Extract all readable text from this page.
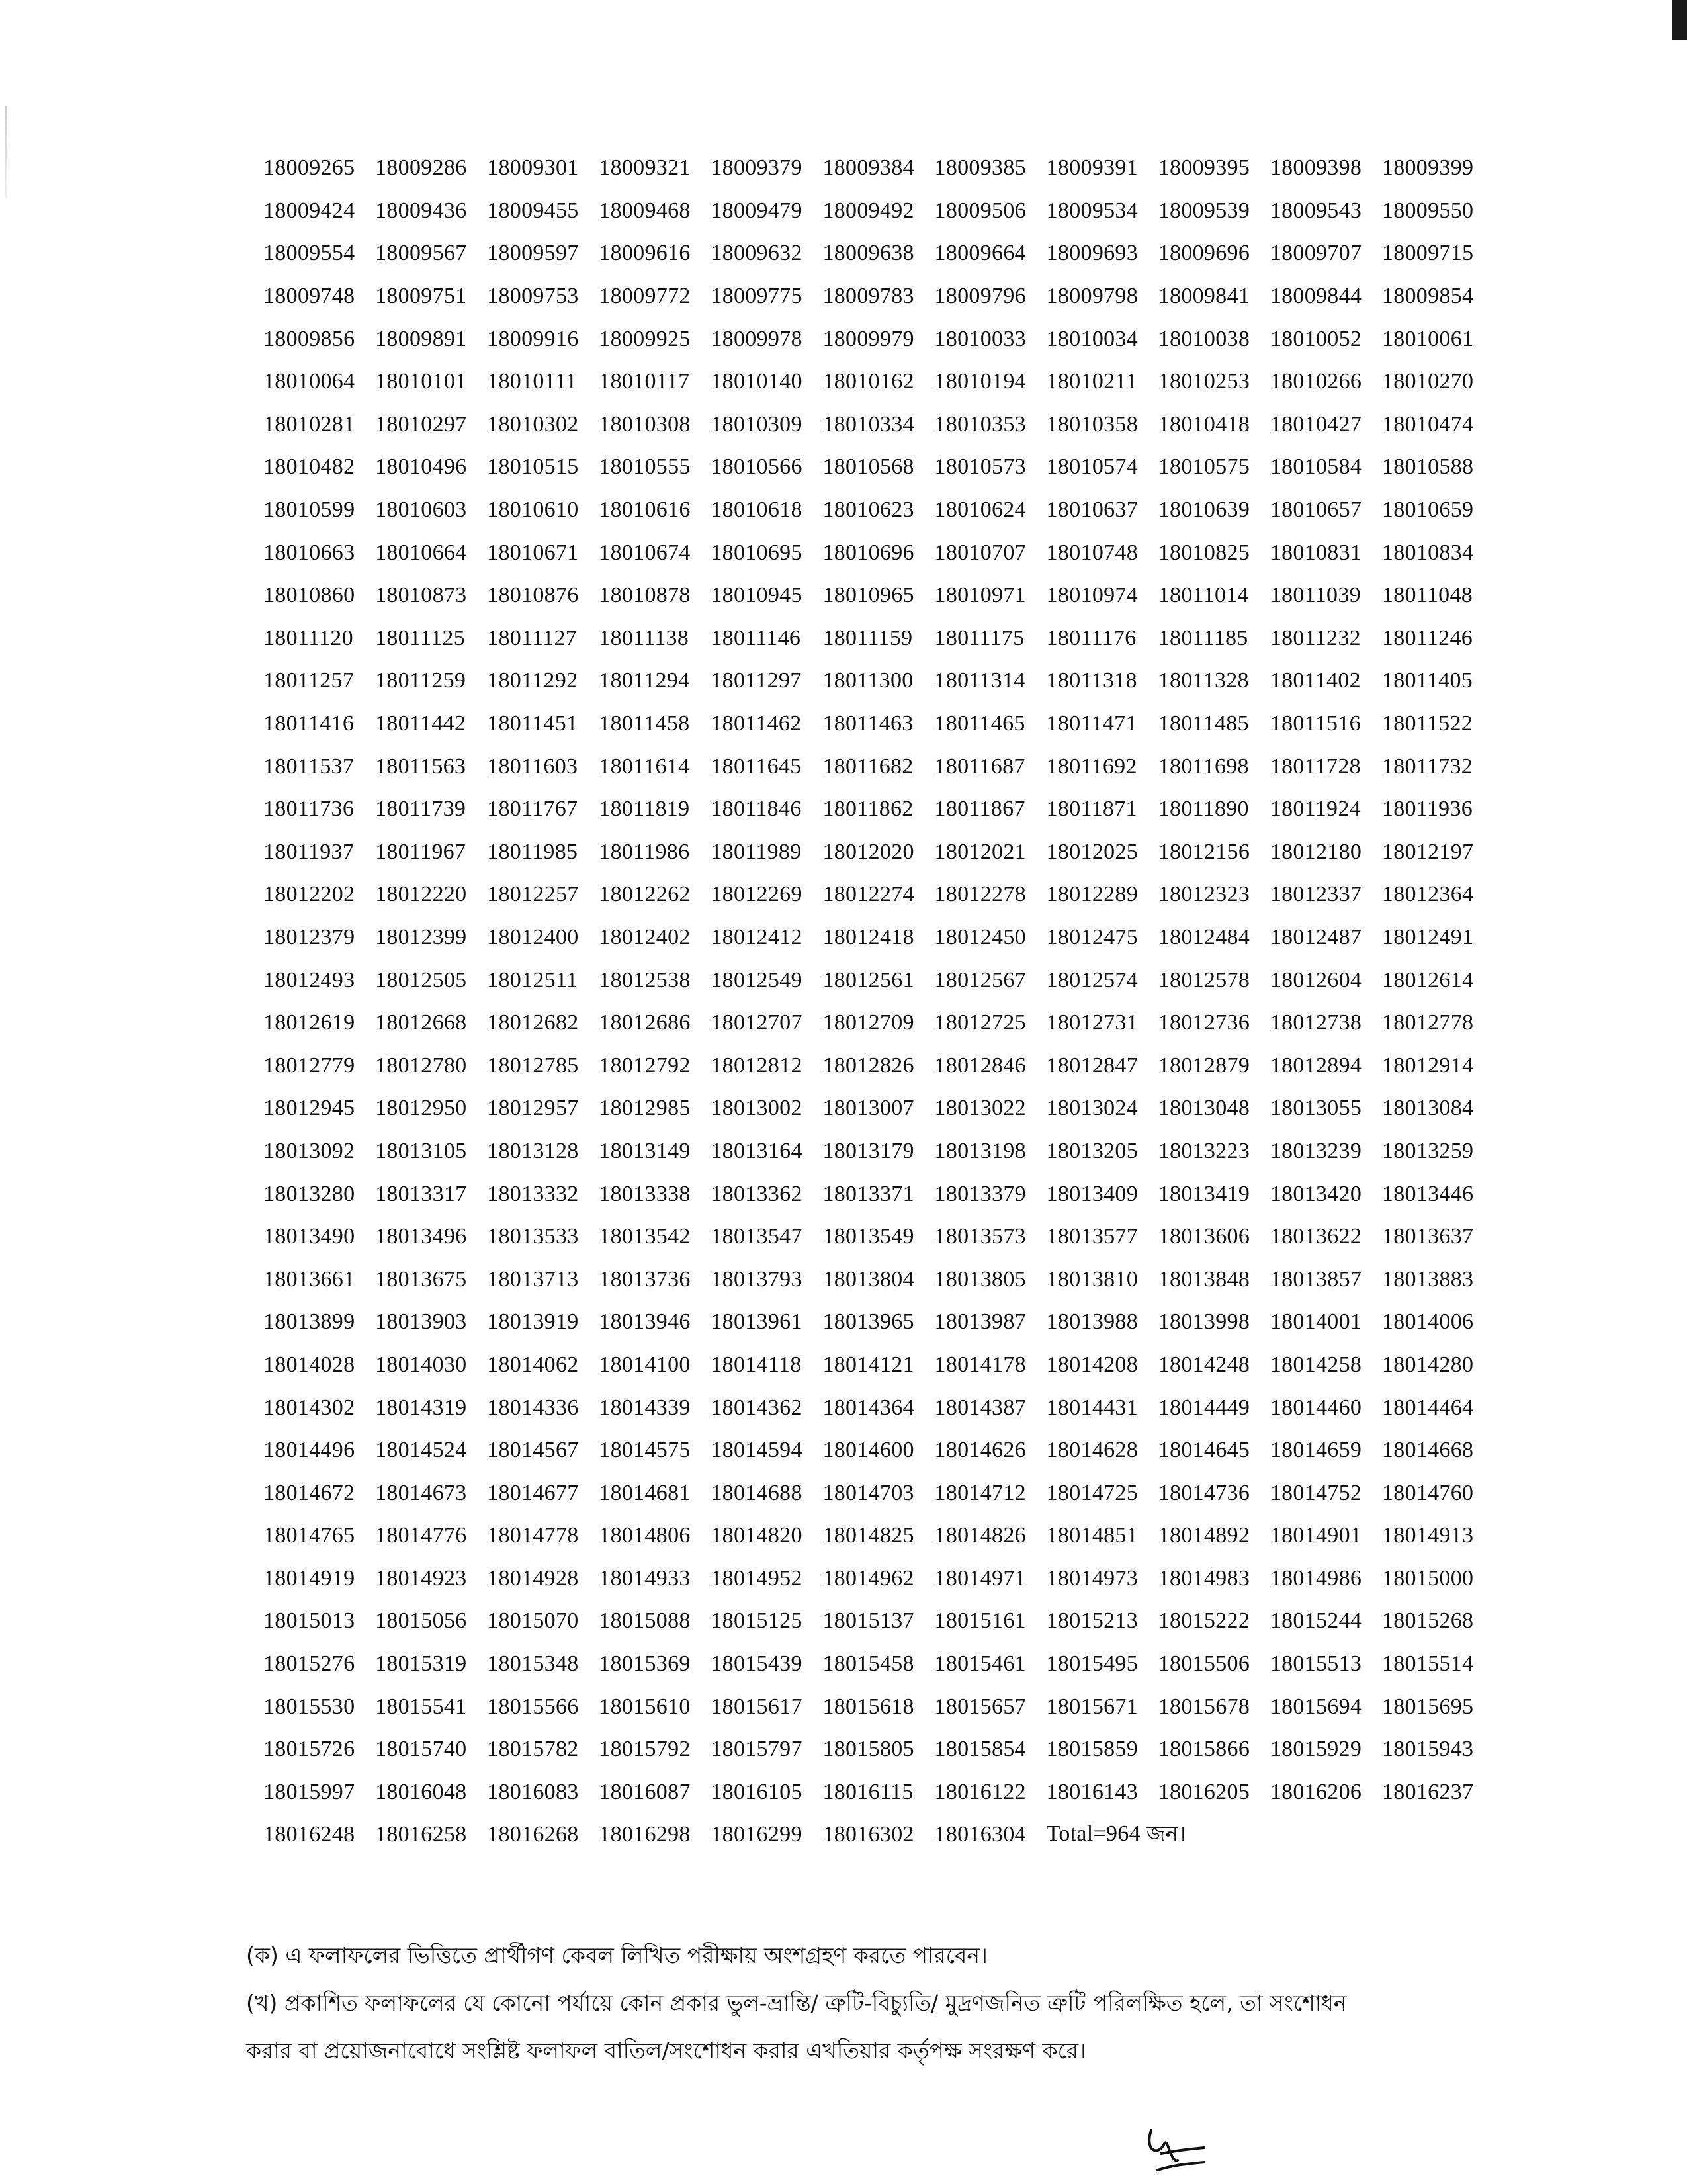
18009265 18009286 18009301 18009321 18009379 18009384 18009385 18009391 18009395 18009398 18009399
18009424 18009436 18009455 18009468 18009479 18009492 18009506 18009534 18009539 18009543 18009550
18009554 18009567 18009597 18009616 18009632 18009638 18009664 18009693 18009696 18009707 18009715
18009748 18009751 18009753 18009772 18009775 18009783 18009796 18009798 18009841 18009844 18009854
18009856 18009891 18009916 18009925 18009978 18009979 18010033 18010034 18010038 18010052 18010061
18010064 18010101 18010111 18010117 18010140 18010162 18010194 18010211 18010253 18010266 18010270
18010281 18010297 18010302 18010308 18010309 18010334 18010353 18010358 18010418 18010427 18010474
18010482 18010496 18010515 18010555 18010566 18010568 18010573 18010574 18010575 18010584 18010588
18010599 18010603 18010610 18010616 18010618 18010623 18010624 18010637 18010639 18010657 18010659
18010663 18010664 18010671 18010674 18010695 18010696 18010707 18010748 18010825 18010831 18010834
18010860 18010873 18010876 18010878 18010945 18010965 18010971 18010974 18011014 18011039 18011048
18011120 18011125 18011127 18011138 18011146 18011159 18011175 18011176 18011185 18011232 18011246
18011257 18011259 18011292 18011294 18011297 18011300 18011314 18011318 18011328 18011402 18011405
18011416 18011442 18011451 18011458 18011462 18011463 18011465 18011471 18011485 18011516 18011522
18011537 18011563 18011603 18011614 18011645 18011682 18011687 18011692 18011698 18011728 18011732
18011736 18011739 18011767 18011819 18011846 18011862 18011867 18011871 18011890 18011924 18011936
18011937 18011967 18011985 18011986 18011989 18012020 18012021 18012025 18012156 18012180 18012197
18012202 18012220 18012257 18012262 18012269 18012274 18012278 18012289 18012323 18012337 18012364
18012379 18012399 18012400 18012402 18012412 18012418 18012450 18012475 18012484 18012487 18012491
18012493 18012505 18012511 18012538 18012549 18012561 18012567 18012574 18012578 18012604 18012614
18012619 18012668 18012682 18012686 18012707 18012709 18012725 18012731 18012736 18012738 18012778
18012779 18012780 18012785 18012792 18012812 18012826 18012846 18012847 18012879 18012894 18012914
18012945 18012950 18012957 18012985 18013002 18013007 18013022 18013024 18013048 18013055 18013084
18013092 18013105 18013128 18013149 18013164 18013179 18013198 18013205 18013223 18013239 18013259
18013280 18013317 18013332 18013338 18013362 18013371 18013379 18013409 18013419 18013420 18013446
18013490 18013496 18013533 18013542 18013547 18013549 18013573 18013577 18013606 18013622 18013637
18013661 18013675 18013713 18013736 18013793 18013804 18013805 18013810 18013848 18013857 18013883
18013899 18013903 18013919 18013946 18013961 18013965 18013987 18013988 18013998 18014001 18014006
18014028 18014030 18014062 18014100 18014118 18014121 18014178 18014208 18014248 18014258 18014280
18014302 18014319 18014336 18014339 18014362 18014364 18014387 18014431 18014449 18014460 18014464
18014496 18014524 18014567 18014575 18014594 18014600 18014626 18014628 18014645 18014659 18014668
18014672 18014673 18014677 18014681 18014688 18014703 18014712 18014725 18014736 18014752 18014760
18014765 18014776 18014778 18014806 18014820 18014825 18014826 18014851 18014892 18014901 18014913
18014919 18014923 18014928 18014933 18014952 18014962 18014971 18014973 18014983 18014986 18015000
18015013 18015056 18015070 18015088 18015125 18015137 18015161 18015213 18015222 18015244 18015268
18015276 18015319 18015348 18015369 18015439 18015458 18015461 18015495 18015506 18015513 18015514
18015530 18015541 18015566 18015610 18015617 18015618 18015657 18015671 18015678 18015694 18015695
18015726 18015740 18015782 18015792 18015797 18015805 18015854 18015859 18015866 18015929 18015943
18015997 18016048 18016083 18016087 18016105 18016115 18016122 18016143 18016205 18016206 18016237
18016248 18016258 18016268 18016298 18016299 18016302 18016304 Total=964 জন।

(ক) এ ফলাফলের ভিত্তিতে প্রার্থীগণ কেবল লিখিত পরীক্ষায় অংশগ্রহণ করতে পারবেন।

(খ) প্রকাশিত ফলাফলের যে কোনো পর্যায়ে কোন প্রকার ভুল-ভ্রান্তি/ ত্রুটি-বিচ্যুতি/ মুদ্রণজনিত ত্রুটি পরিলক্ষিত হলে, তা সংশোধন

করার বা প্রয়োজনাবোধে সংশ্লিষ্ট ফলাফল বাতিল/সংশোধন করার এখতিয়ার কর্তৃপক্ষ সংরক্ষণ করে।
